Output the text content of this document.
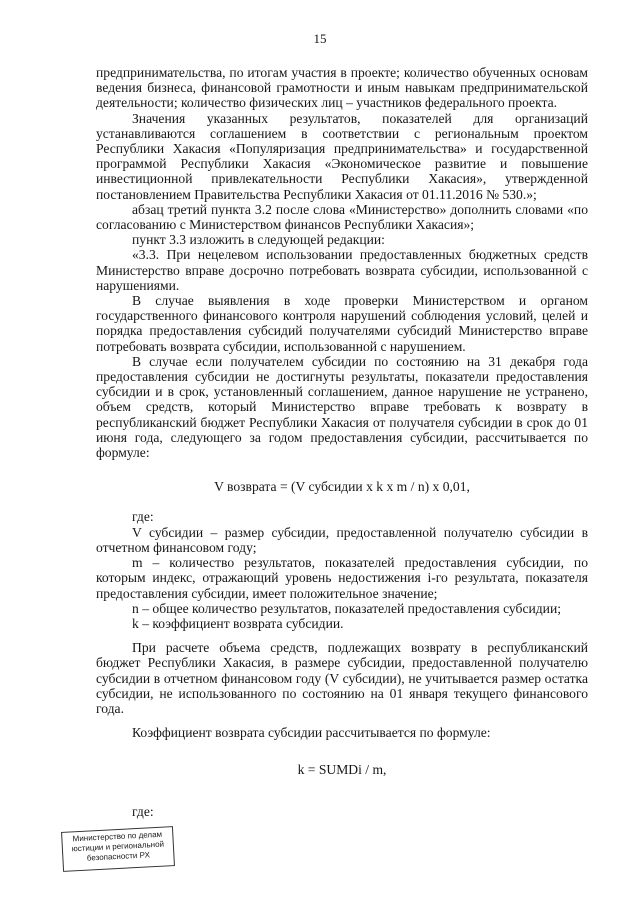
15

предпринимательства, по итогам участия в проекте; количество обученных основам ведения бизнеса, финансовой грамотности и иным навыкам предпринимательской деятельности; количество физических лиц – участников федерального проекта.

Значения указанных результатов, показателей для организаций устанавливаются соглашением в соответствии с региональным проектом Республики Хакасия «Популяризация предпринимательства» и государственной программой Республики Хакасия «Экономическое развитие и повышение инвестиционной привлекательности Республики Хакасия», утвержденной постановлением Правительства Республики Хакасия от 01.11.2016 № 530.»;

абзац третий пункта 3.2 после слова «Министерство» дополнить словами «по согласованию с Министерством финансов Республики Хакасия»;

пункт 3.3 изложить в следующей редакции:

«3.3. При нецелевом использовании предоставленных бюджетных средств Министерство вправе досрочно потребовать возврата субсидии, использованной с нарушениями.

В случае выявления в ходе проверки Министерством и органом государственного финансового контроля нарушений соблюдения условий, целей и порядка предоставления субсидий получателями субсидий Министерство вправе потребовать возврата субсидии, использованной с нарушением.

В случае если получателем субсидии по состоянию на 31 декабря года предоставления субсидии не достигнуты результаты, показатели предоставления субсидии и в срок, установленный соглашением, данное нарушение не устранено, объем средств, который Министерство вправе требовать к возврату в республиканский бюджет Республики Хакасия от получателя субсидии в срок до 01 июня года, следующего за годом предоставления субсидии, рассчитывается по формуле:

V возврата = (V субсидии x k x m / n) x 0,01,

где:

V субсидии – размер субсидии, предоставленной получателю субсидии в отчетном финансовом году;

m – количество результатов, показателей предоставления субсидии, по которым индекс, отражающий уровень недостижения i-го результата, показателя предоставления субсидии, имеет положительное значение;

n – общее количество результатов, показателей предоставления субсидии;

k – коэффициент возврата субсидии.

При расчете объема средств, подлежащих возврату в республиканский бюджет Республики Хакасия, в размере субсидии, предоставленной получателю субсидии в отчетном финансовом году (V субсидии), не учитывается размер остатка субсидии, не использованного по состоянию на 01 января текущего финансового года.

Коэффициент возврата субсидии рассчитывается по формуле:

k = SUMDi / m,

где:

Министерство по делам
юстиции и региональной
безопасности РХ
